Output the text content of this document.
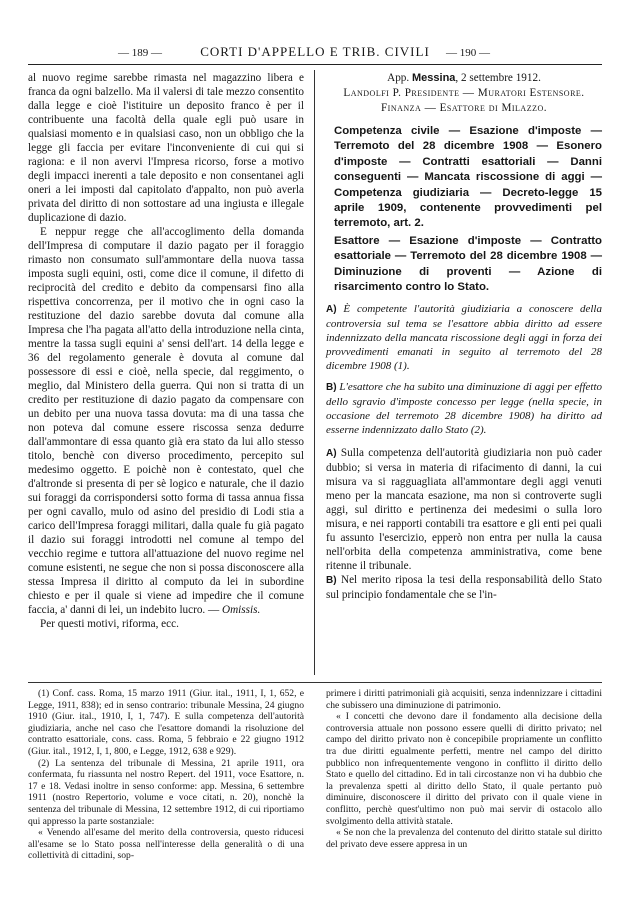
— 189 —	CORTI D'APPELLO E TRIB. CIVILI	— 190 —

al nuovo regime sarebbe rimasta nel magazzino libera e franca da ogni balzello. Ma il valersi di tale mezzo consentito dalla legge e cioè l'istituire un deposito franco è per il contribuente una facoltà della quale egli può usare in qualsiasi momento e in qualsiasi caso, non un obbligo che la legge gli faccia per evitare l'inconveniente di cui qui si ragiona: e il non avervi l'Impresa ricorso, forse a motivo degli impacci inerenti a tale deposito e non consentanei agli oneri a lei imposti dal capitolato d'appalto, non può averla privata del diritto di non sottostare ad una ingiusta e illegale duplicazione di dazio.

E neppur regge che all'accoglimento della domanda dell'Impresa di computare il dazio pagato per il foraggio rimasto non consumato sull'ammontare della nuova tassa imposta sugli equini, osti, come dice il comune, il difetto di reciprocità del credito e debito da compensarsi fino alla rispettiva concorrenza, per il motivo che in ogni caso la restituzione del dazio sarebbe dovuta dal comune alla Impresa che l'ha pagata all'atto della introduzione nella cinta, mentre la tassa sugli equini a' sensi dell'art. 14 della legge e 36 del regolamento generale è dovuta al comune dal possessore di essi e cioè, nella specie, dal reggimento, o meglio, dal Ministero della guerra. Qui non si tratta di un credito per restituzione di dazio pagato da compensare con un debito per una nuova tassa dovuta: ma di una tassa che non poteva dal comune essere riscossa senza dedurre dall'ammontare di essa quanto già era stato da lui allo stesso titolo, benchè con diverso procedimento, percepito sul medesimo oggetto. E poichè non è contestato, quel che d'altronde si presenta di per sè logico e naturale, che il dazio sui foraggi da corrispondersi sotto forma di tassa annua fissa per ogni cavallo, mulo od asino del presidio di Lodi stia a carico dell'Impresa foraggi militari, dalla quale fu già pagato il dazio sui foraggi introdotti nel comune al tempo del vecchio regime e tuttora all'attuazione del nuovo regime nel comune esistenti, ne segue che non si possa disconoscere alla stessa Impresa il diritto al computo da lei in subordine chiesto e per il quale si viene ad impedire che il comune faccia, a' danni di lei, un indebito lucro. — Omissis.

Per questi motivi, riforma, ecc.

App. Messina, 2 settembre 1912.
Landolfi P. Presidente — Muratori Estensore.
Finanza — Esattore di Milazzo.

Competenza civile — Esazione d'imposte — Terremoto del 28 dicembre 1908 — Esonero d'imposte — Contratti esattoriali — Danni conseguenti — Mancata riscossione di aggi — Competenza giudiziaria — Decreto-legge 15 aprile 1909, contenente provvedimenti pel terremoto, art. 2.

Esattore — Esazione d'imposte — Contratto esattoriale — Terremoto del 28 dicembre 1908 — Diminuzione di proventi — Azione di risarcimento contro lo Stato.

A) È competente l'autorità giudiziaria a conoscere della controversia sul tema se l'esattore abbia diritto ad essere indennizzato della mancata riscossione degli aggi in forza dei provvedimenti emanati in seguito al terremoto del 28 dicembre 1908 (1).

B) L'esattore che ha subito una diminuzione di aggi per effetto dello sgravio d'imposte concesso per legge (nella specie, in occasione del terremoto 28 dicembre 1908) ha diritto ad esserne indennizzato dallo Stato (2).

A) Sulla competenza dell'autorità giudiziaria non può cader dubbio; si versa in materia di rifacimento di danni, la cui misura va si ragguagliata all'ammontare degli aggi venuti meno per la mancata esazione, ma non si controverte sugli aggi, sul diritto e pertinenza dei medesimi o sulla loro misura, e nei rapporti contabili tra esattore e gli enti pei quali fu assunto l'esercizio, epperò non entra per nulla la causa nell'orbita della competenza amministrativa, come bene ritenne il tribunale.

B) Nel merito riposa la tesi della responsabilità dello Stato sul principio fondamentale che se l'in-

(1) Conf. cass. Roma, 15 marzo 1911 (Giur. ital., 1911, I, 1, 652, e Legge, 1911, 838); ed in senso contrario: tribunale Messina, 24 giugno 1910 (Giur. ital., 1910, I, 1, 747). E sulla competenza dell'autorità giudiziaria, anche nel caso che l'esattore domandi la risoluzione del contratto esattoriale, cons. cass. Roma, 5 febbraio e 22 giugno 1912 (Giur. ital., 1912, I, 1, 800, e Legge, 1912, 638 e 929).

(2) La sentenza del tribunale di Messina, 21 aprile 1911, ora confermata, fu riassunta nel nostro Repert. del 1911, voce Esattore, n. 17 e 18. Vedasi inoltre in senso conforme: app. Messina, 6 settembre 1911 (nostro Repertorio, volume e voce citati, n. 20), nonchè la sentenza del tribunale di Messina, 12 settembre 1912, di cui riportiamo qui appresso la parte sostanziale:

« Venendo all'esame del merito della controversia, questo riducesi all'esame se lo Stato possa nell'interesse della generalità o di una collettività di cittadini, sop-

primere i diritti patrimoniali già acquisiti, senza indennizzare i cittadini che subissero una diminuzione di patrimonio.

« I concetti che devono dare il fondamento alla decisione della controversia attuale non possono essere quelli di diritto privato; nel campo del diritto privato non è concepibile propriamente un conflitto tra due diritti egualmente perfetti, mentre nel campo del diritto pubblico non infrequentemente vengono in conflitto il diritto dello Stato e quello del cittadino. Ed in tali circostanze non vi ha dubbio che la prevalenza spetti al diritto dello Stato, il quale pertanto può diminuire, disconoscere il diritto del privato con il quale viene in conflitto, perchè quest'ultimo non può mai servir di ostacolo allo svolgimento della attività statale.

« Se non che la prevalenza del contenuto del diritto statale sul diritto del privato deve essere appresa in un
